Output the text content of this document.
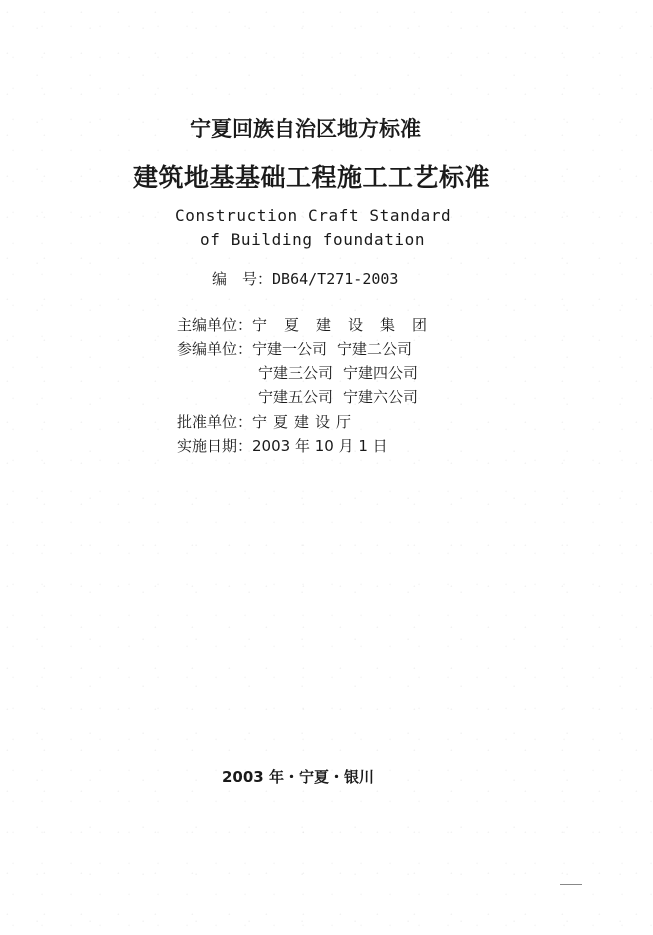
宁夏回族自治区地方标准
建筑地基基础工程施工工艺标准
Construction Craft Standard
of Building foundation
编　号：DB64/T271-2003
主编单位：宁夏建设集团
参编单位：宁建一公司 宁建二公司
宁建三公司 宁建四公司
宁建五公司 宁建六公司
批准单位：宁夏建设厅
实施日期：2003 年 10 月 1 日
2003 年・宁夏・银川
